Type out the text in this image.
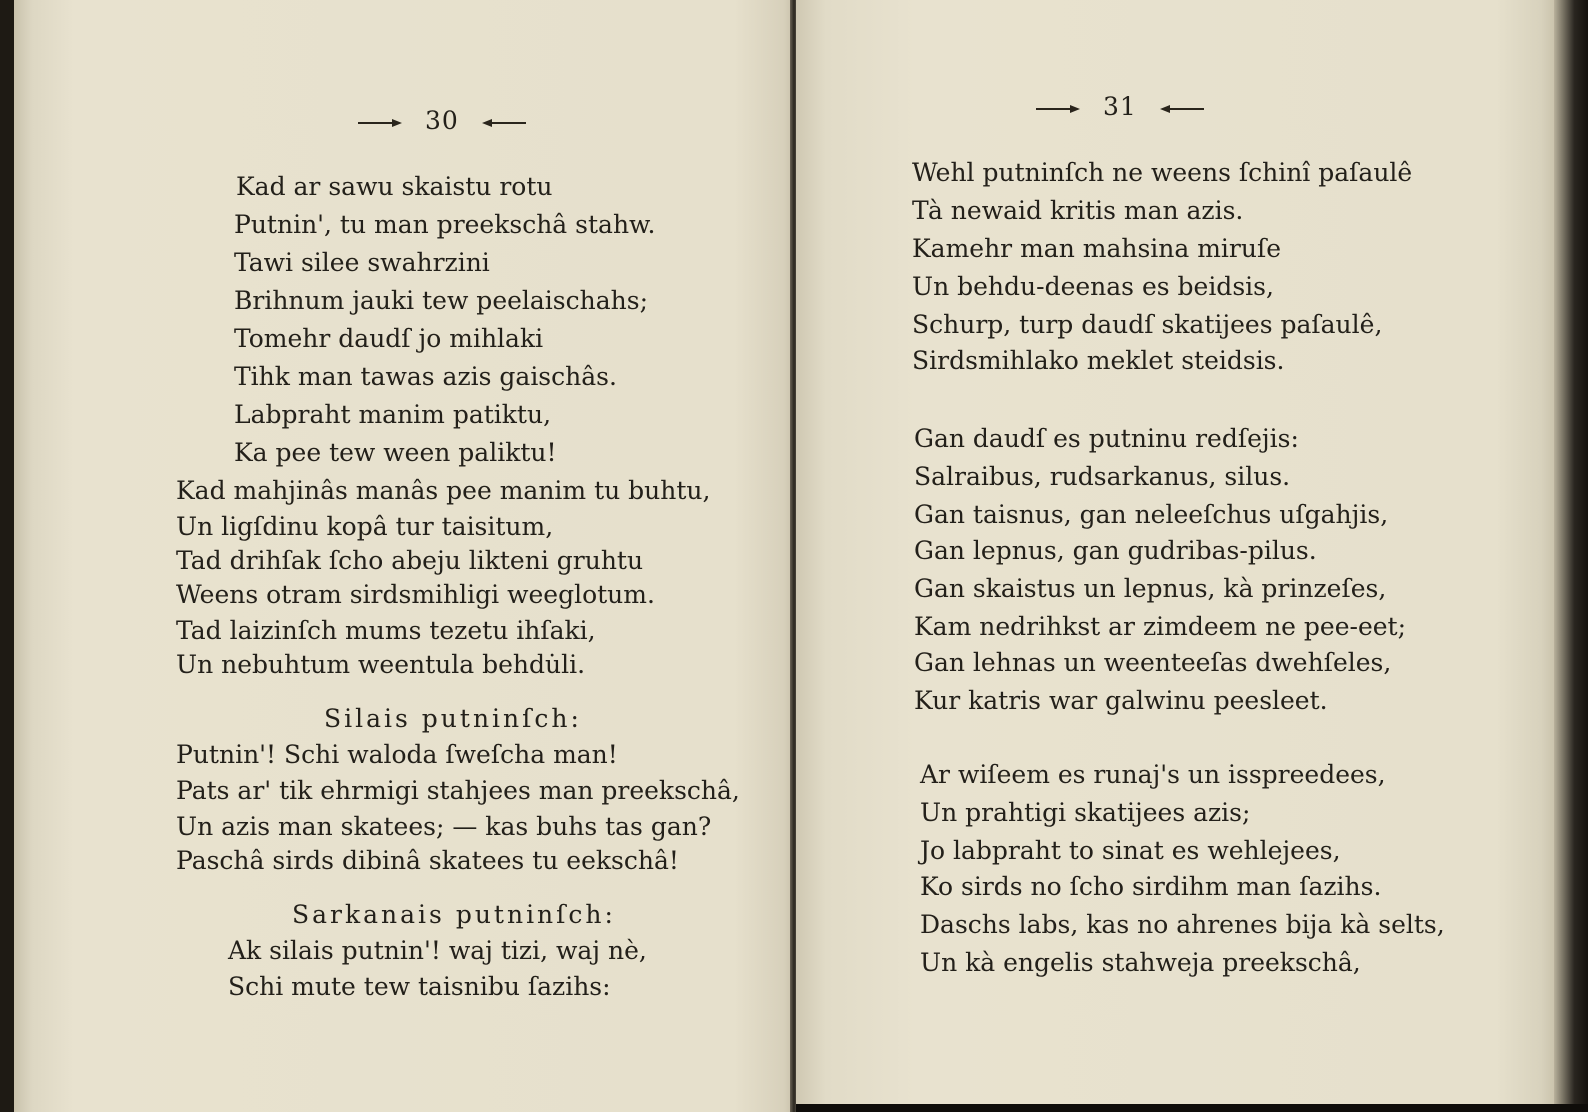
30
Kad ar sawu skaistu rotu
Putnin', tu man preekschâ stahw.
Tawi silee swahrzini
Brihnum jauki tew peelaischahs;
Tomehr daudſ jo mihlaki
Tihk man tawas azis gaischâs.
Labpraht manim patiktu,
Ka pee tew ween paliktu!
Kad mahjinâs manâs pee manim tu buhtu,
Un ligſdinu kopâ tur taisitum,
Tad drihſak ſcho abeju likteni gruhtu
Weens otram sirdsmihligi weeglotum.
Tad laizinſch mums tezetu ihſaki,
Un nebuhtum weentula behdu̇li.
Silais putninſch:
Putnin'! Schi waloda ſweſcha man!
Pats ar' tik ehrmigi stahjees man preekschâ,
Un azis man skatees; — kas buhs tas gan?
Paschâ sirds dibinâ skatees tu eekschâ!
Sarkanais putninſch:
Ak silais putnin'! waj tizi, waj nè,
Schi mute tew taisnibu ſazihs:
31
Wehl putninſch ne weens ſchinî paſaulê
Tà newaid kritis man azis.
Kamehr man mahsina miruſe
Un behdu-deenas es beidsis,
Schurp, turp daudſ skatijees paſaulê,
Sirdsmihlako meklet steidsis.
Gan daudſ es putninu redſejis:
Salraibus, rudsarkanus, silus.
Gan taisnus, gan neleeſchus uſgahjis,
Gan lepnus, gan gudribas-pilus.
Gan skaistus un lepnus, kà prinzeſes,
Kam nedrihkst ar zimdeem ne pee-eet;
Gan lehnas un weenteeſas dwehſeles,
Kur katris war galwinu peesleet.
Ar wiſeem es runaj's un isspreedees,
Un prahtigi skatijees azis;
Jo labpraht to sinat es wehlejees,
Ko sirds no ſcho sirdihm man ſazihs.
Daschs labs, kas no ahrenes bija kà selts,
Un kà engelis stahweja preekschâ,
